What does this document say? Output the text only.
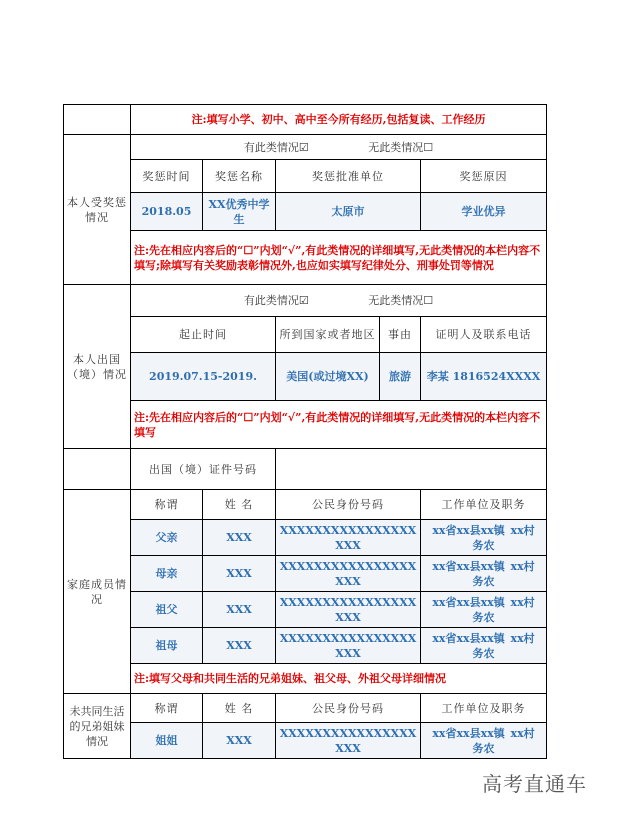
	注:填写小学、初中、高中至今所有经历,包括复读、工作经历				
本人受奖惩情况	有此类情况☑ 无此类情况☐				
	奖惩时间	奖惩名称	奖惩批准单位		奖惩原因
	2018.05	XX优秀中学生	太原市		学业优异
	注:先在相应内容后的“☐”内划“√”,有此类情况的详细填写,无此类情况的本栏内容不填写;除填写有关奖励表彰情况外,也应如实填写纪律处分、刑事处罚等情况				
本人出国（境）情况	有此类情况☑ 无此类情况☐				
	起止时间		所到国家或者地区	事由	证明人及联系电话
	2019.07.15-2019.		美国(或过境XX)	旅游	李某 1816524XXXX
	注:先在相应内容后的“☐”内划“√”,有此类情况的详细填写,无此类情况的本栏内容不填写				
	出国（境）证件号码				
家庭成员情况	称谓	姓 名	公民身份号码		工作单位及职务
	父亲	XXX	XXXXXXXXXXXXXXXXXXX		xx省xx县xx镇 xx村 务农
	母亲	XXX	XXXXXXXXXXXXXXXXXXX		xx省xx县xx镇 xx村 务农
	祖父	XXX	XXXXXXXXXXXXXXXXXXX		xx省xx县xx镇 xx村 务农
	祖母	XXX	XXXXXXXXXXXXXXXXXXX		xx省xx县xx镇 xx村 务农
	注:填写父母和共同生活的兄弟姐妹、祖父母、外祖父母详细情况				
未共同生活的兄弟姐妹情况	称谓	姓 名	公民身份号码		工作单位及职务
	姐姐	XXX	XXXXXXXXXXXXXXXXXXX		xx省xx县xx镇 xx村 务农
高考直通车
